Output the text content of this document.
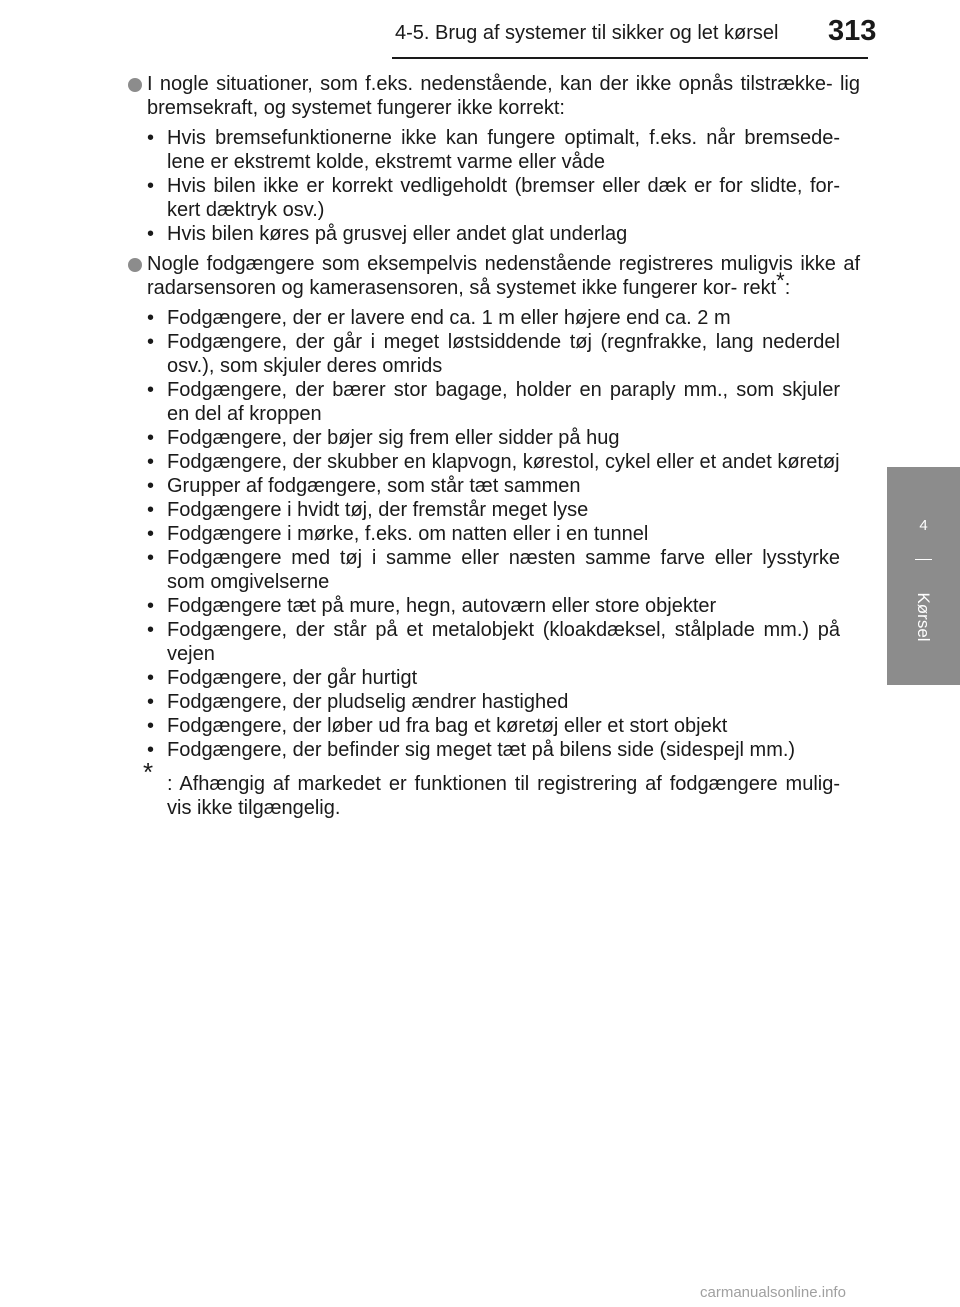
4-5. Brug af systemer til sikker og let kørsel 313
4
Kørsel
I nogle situationer, som f.eks. nedenstående, kan der ikke opnås tilstrække- lig bremsekraft, og systemet fungerer ikke korrekt:
• Hvis bremsefunktionerne ikke kan fungere optimalt, f.eks. når bremsede- lene er ekstremt kolde, ekstremt varme eller våde
• Hvis bilen ikke er korrekt vedligeholdt (bremser eller dæk er for slidte, for- kert dæktryk osv.)
• Hvis bilen køres på grusvej eller andet glat underlag
Nogle fodgængere som eksempelvis nedenstående registreres muligvis ikke af radarsensoren og kamerasensoren, så systemet ikke fungerer kor- rekt*:
• Fodgængere, der er lavere end ca. 1 m eller højere end ca. 2 m
• Fodgængere, der går i meget løstsiddende tøj (regnfrakke, lang nederdel osv.), som skjuler deres omrids
• Fodgængere, der bærer stor bagage, holder en paraply mm., som skjuler en del af kroppen
• Fodgængere, der bøjer sig frem eller sidder på hug
• Fodgængere, der skubber en klapvogn, kørestol, cykel eller et andet køretøj
• Grupper af fodgængere, som står tæt sammen
• Fodgængere i hvidt tøj, der fremstår meget lyse
• Fodgængere i mørke, f.eks. om natten eller i en tunnel
• Fodgængere med tøj i samme eller næsten samme farve eller lysstyrke som omgivelserne
• Fodgængere tæt på mure, hegn, autoværn eller store objekter
• Fodgængere, der står på et metalobjekt (kloakdæksel, stålplade mm.) på vejen
• Fodgængere, der går hurtigt
• Fodgængere, der pludselig ændrer hastighed
• Fodgængere, der løber ud fra bag et køretøj eller et stort objekt
• Fodgængere, der befinder sig meget tæt på bilens side (sidespejl mm.)
* : Afhængig af markedet er funktionen til registrering af fodgængere mulig- vis ikke tilgængelig.
carmanualsonline.info
